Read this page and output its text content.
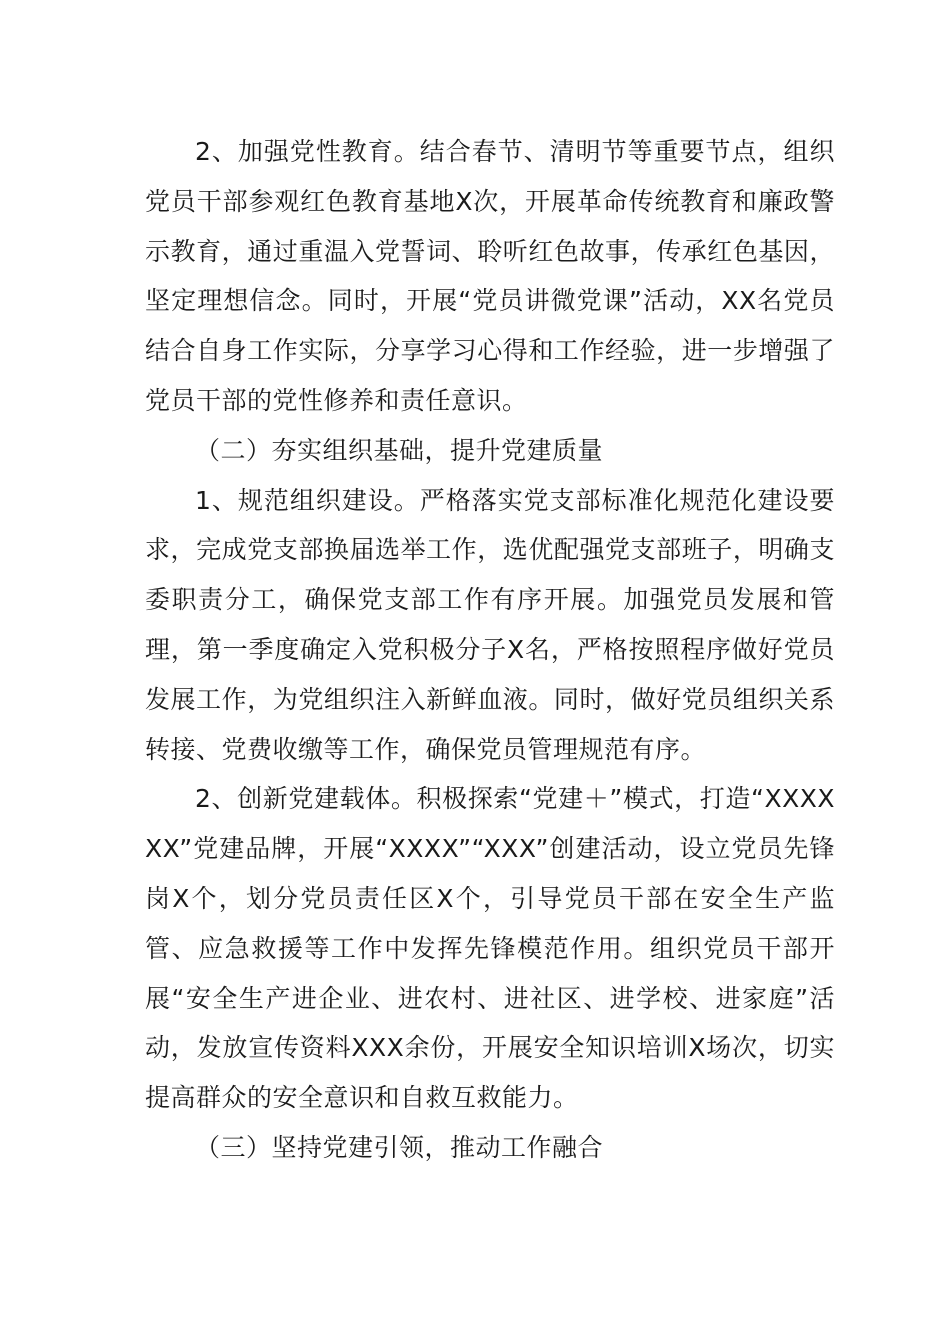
2、加强党性教育。结合春节、清明节等重要节点，组织党员干部参观红色教育基地X次，开展革命传统教育和廉政警示教育，通过重温入党誓词、聆听红色故事，传承红色基因，坚定理想信念。同时，开展“党员讲微党课”活动，XX名党员结合自身工作实际，分享学习心得和工作经验，进一步增强了党员干部的党性修养和责任意识。

（二）夯实组织基础，提升党建质量

1、规范组织建设。严格落实党支部标准化规范化建设要求，完成党支部换届选举工作，选优配强党支部班子，明确支委职责分工，确保党支部工作有序开展。加强党员发展和管理，第一季度确定入党积极分子X名，严格按照程序做好党员发展工作，为党组织注入新鲜血液。同时，做好党员组织关系转接、党费收缴等工作，确保党员管理规范有序。

2、创新党建载体。积极探索“党建＋”模式，打造“XXXXXX”党建品牌，开展“XXXX”“XXX”创建活动，设立党员先锋岗X个，划分党员责任区X个，引导党员干部在安全生产监管、应急救援等工作中发挥先锋模范作用。组织党员干部开展“安全生产进企业、进农村、进社区、进学校、进家庭”活动，发放宣传资料XXX余份，开展安全知识培训X场次，切实提高群众的安全意识和自救互救能力。

（三）坚持党建引领，推动工作融合
